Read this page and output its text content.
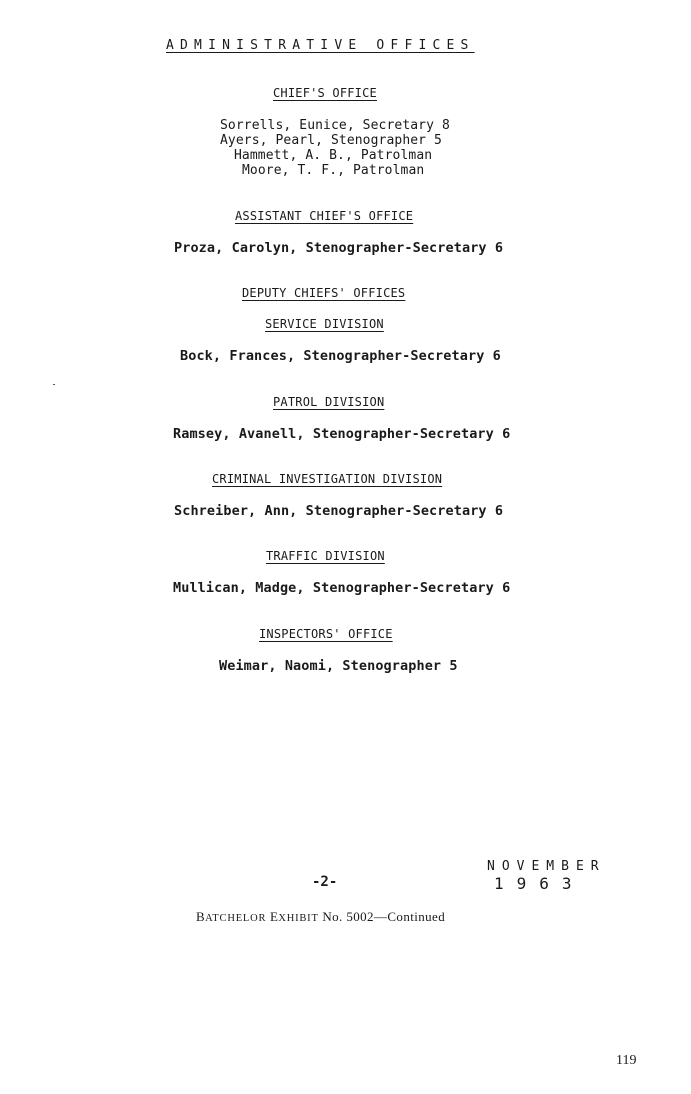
ADMINISTRATIVE OFFICES
CHIEF'S OFFICE
Sorrells, Eunice, Secretary 8
Ayers, Pearl, Stenographer 5
Hammett, A. B., Patrolman
Moore, T. F., Patrolman
ASSISTANT CHIEF'S OFFICE
Proza, Carolyn, Stenographer-Secretary 6
DEPUTY CHIEFS' OFFICES
SERVICE DIVISION
Bock, Frances, Stenographer-Secretary 6
PATROL DIVISION
Ramsey, Avanell, Stenographer-Secretary 6
CRIMINAL INVESTIGATION DIVISION
Schreiber, Ann, Stenographer-Secretary 6
TRAFFIC DIVISION
Mullican, Madge, Stenographer-Secretary 6
INSPECTORS' OFFICE
Weimar, Naomi, Stenographer 5
-2-
NOVEMBER
1963
BATCHELOR EXHIBIT No. 5002—Continued
119
